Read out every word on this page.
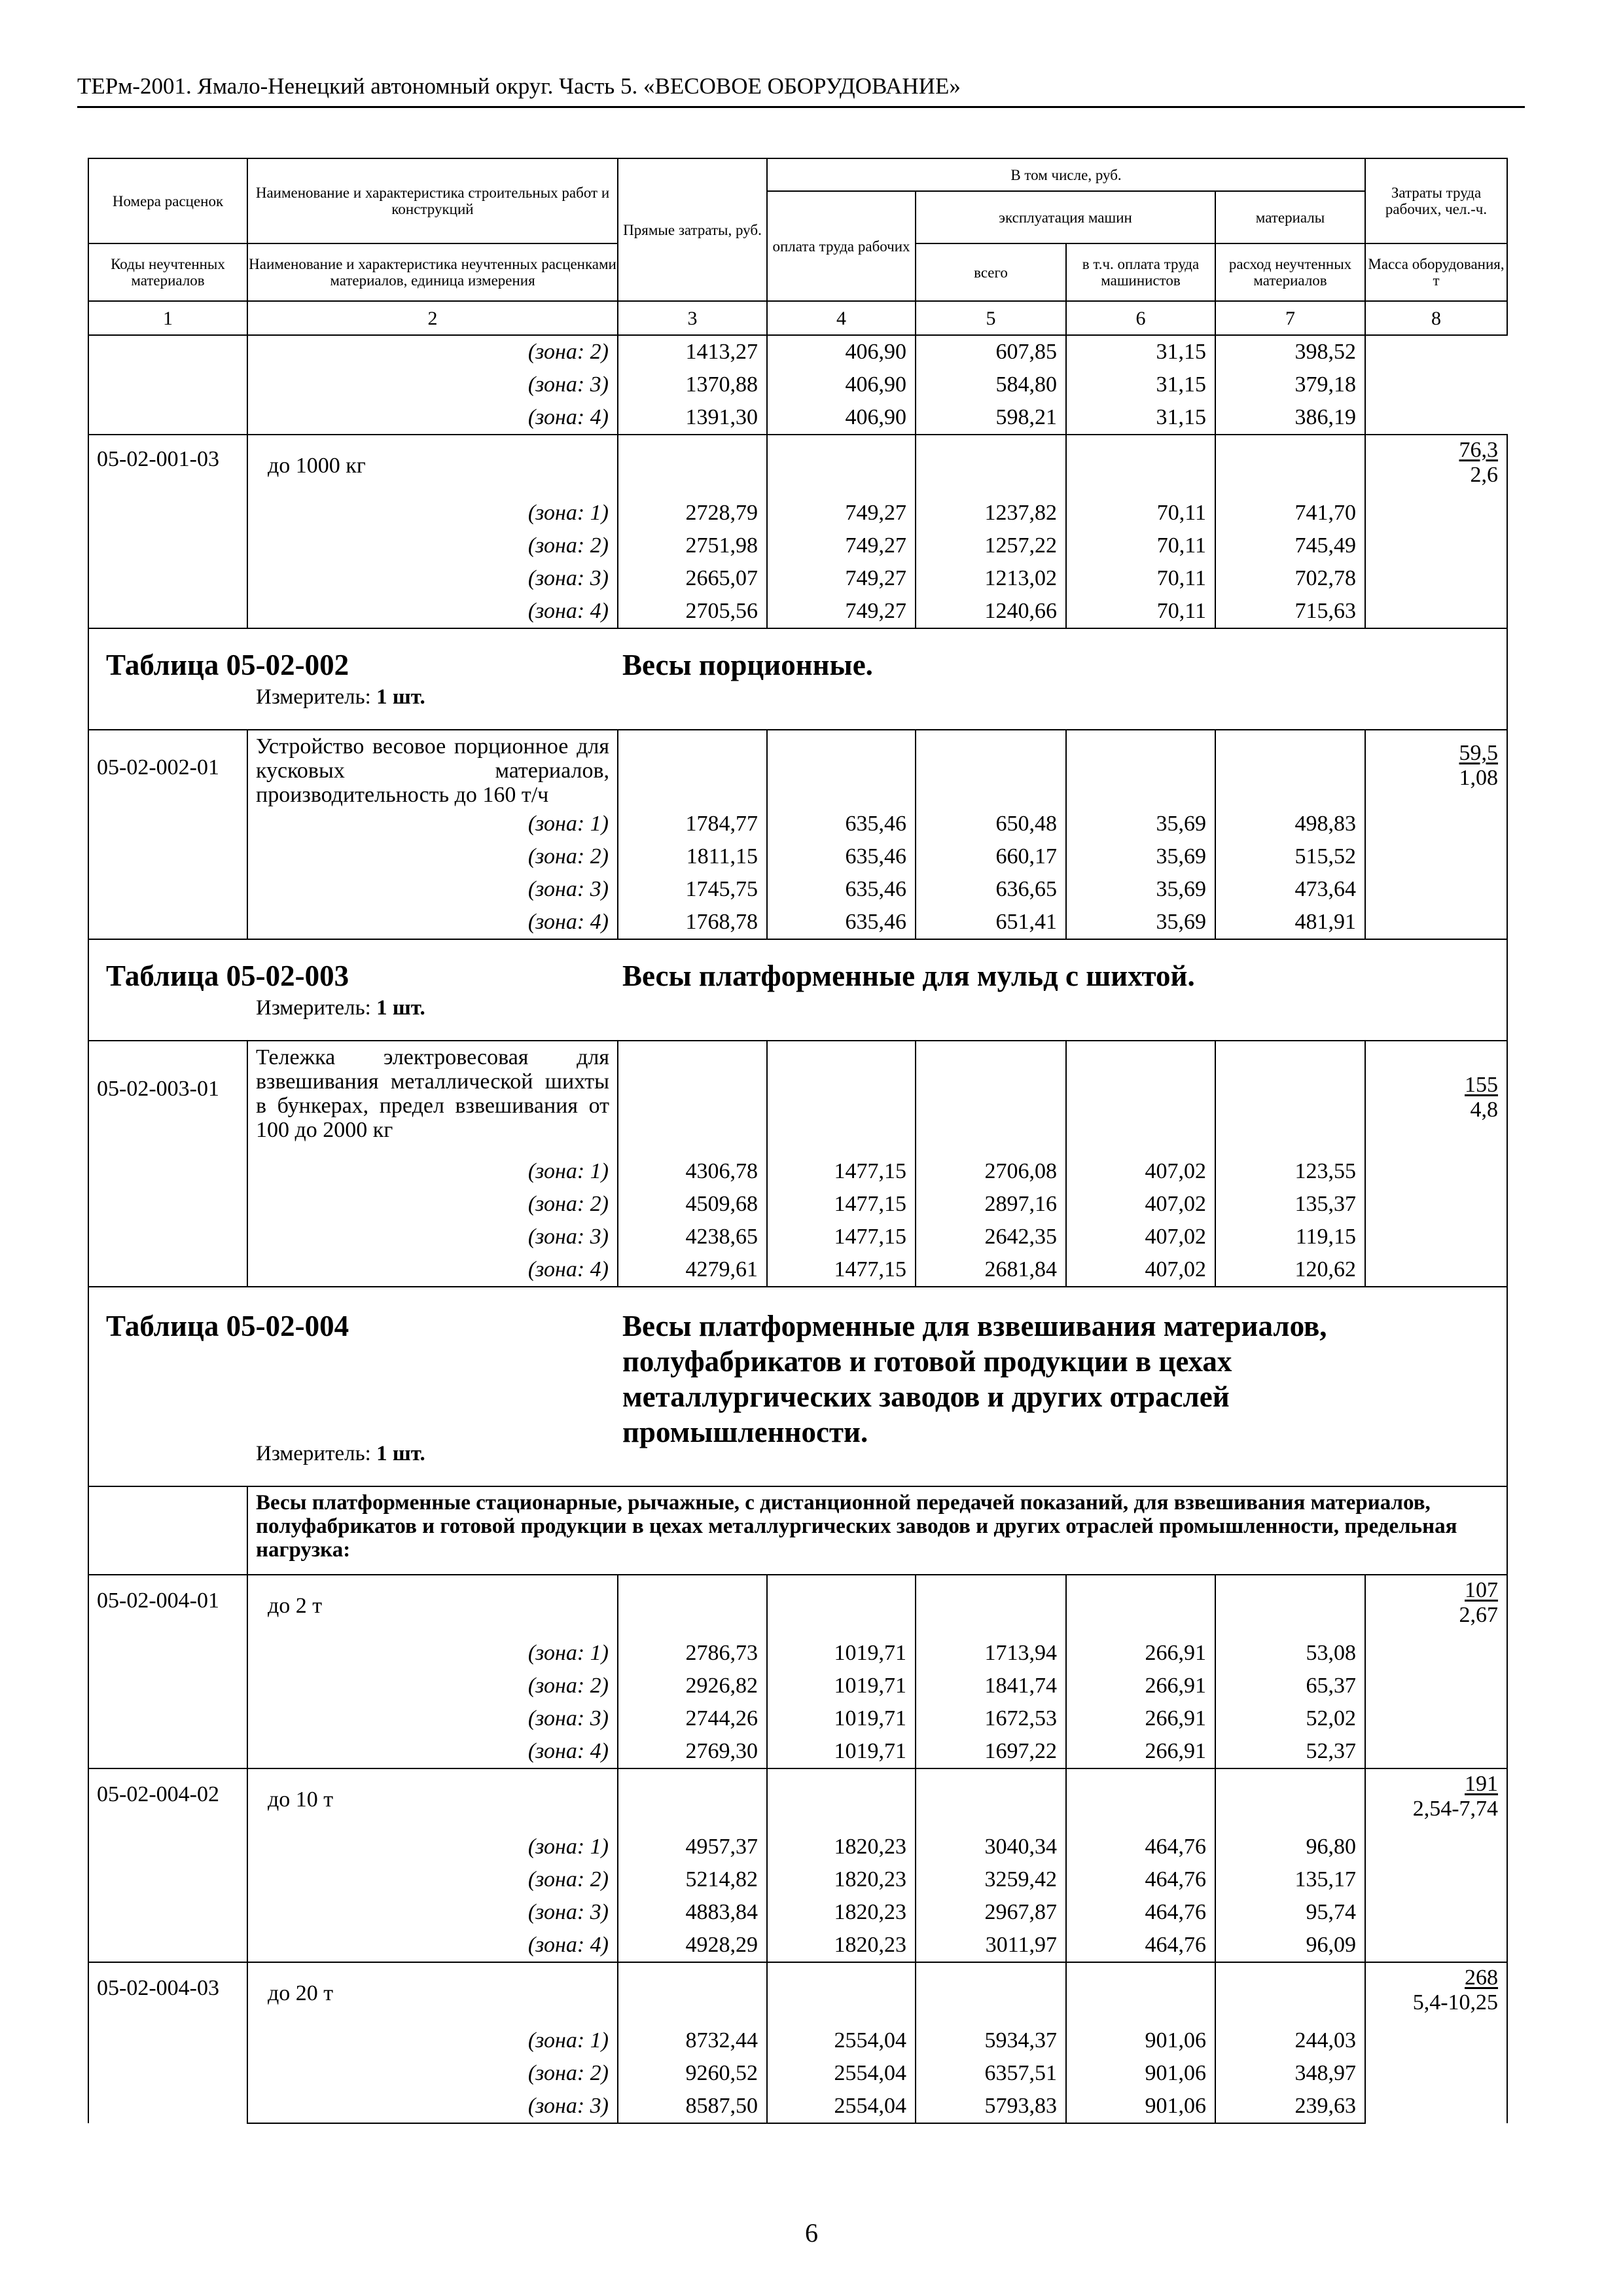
ТЕРм-2001. Ямало-Ненецкий автономный округ. Часть 5. «ВЕСОВОЕ ОБОРУДОВАНИЕ»
Номера расценок	Наименование и характеристика строительных работ и конструкций	Прямые затраты, руб.	В том числе, руб.				Затраты труда рабочих, чел.-ч.
			оплата труда рабочих	эксплуатация машин		материалы	

Коды неучтенных материалов	Наименование и характеристика неучтенных расценками материалов, единица измерения			всего	в т.ч. оплата труда машинистов	расход неучтенных материалов	Масса оборудования, т

1	2	3	4	5	6	7	8
	(зона: 2)	1413,27	406,90	607,85	31,15	398,52	
	(зона: 3)	1370,88	406,90	584,80	31,15	379,18	
	(зона: 4)	1391,30	406,90	598,21	31,15	386,19	
05-02-001-03	до 1000 кг						$\frac{76,3}{2,6}$

	(зона: 1)	2728,79	749,27	1237,82	70,11	741,70	
	(зона: 2)	2751,98	749,27	1257,22	70,11	745,49	
	(зона: 3)	2665,07	749,27	1213,02	70,11	702,78	
	(зона: 4)	2705,56	749,27	1240,66	70,11	715,63	

Таблица 05-02-002 Весы порционные.
Измеритель: 1 шт.							

05-02-002-01	Устройство весовое порционное для кусковых материалов, производительность до 160 т/ч						$\frac{59,5}{1,08}$

	(зона: 1)	1784,77	635,46	650,48	35,69	498,83	
	(зона: 2)	1811,15	635,46	660,17	35,69	515,52	
	(зона: 3)	1745,75	635,46	636,65	35,69	473,64	
	(зона: 4)	1768,78	635,46	651,41	35,69	481,91	

Таблица 05-02-003 Весы платформенные для мульд с шихтой.
Измеритель: 1 шт.							

05-02-003-01	Тележка электровесовая для взвешивания металлической шихты в бункерах, предел взвешивания от 100 до 2000 кг						$\frac{155}{4,8}$

	(зона: 1)	4306,78	1477,15	2706,08	407,02	123,55	
	(зона: 2)	4509,68	1477,15	2897,16	407,02	135,37	
	(зона: 3)	4238,65	1477,15	2642,35	407,02	119,15	
	(зона: 4)	4279,61	1477,15	2681,84	407,02	120,62	

Таблица 05-02-004 Весы платформенные для взвешивания материалов, полуфабрикатов и готовой продукции в цехах металлургических заводов и других отраслей промышленности.
Измеритель: 1 шт.							

	Весы платформенные стационарные, рычажные, с дистанционной передачей показаний, для взвешивания материалов, полуфабрикатов и готовой продукции в цехах металлургических заводов и других отраслей промышленности, предельная нагрузка:						
05-02-004-01	до 2 т						$\frac{107}{2,67}$

	(зона: 1)	2786,73	1019,71	1713,94	266,91	53,08	
	(зона: 2)	2926,82	1019,71	1841,74	266,91	65,37	
	(зона: 3)	2744,26	1019,71	1672,53	266,91	52,02	
	(зона: 4)	2769,30	1019,71	1697,22	266,91	52,37	
05-02-004-02	до 10 т						$\frac{191}{2,54-7,74}$

	(зона: 1)	4957,37	1820,23	3040,34	464,76	96,80	
	(зона: 2)	5214,82	1820,23	3259,42	464,76	135,17	
	(зона: 3)	4883,84	1820,23	2967,87	464,76	95,74	
	(зона: 4)	4928,29	1820,23	3011,97	464,76	96,09	
05-02-004-03	до 20 т						$\frac{268}{5,4-10,25}$

	(зона: 1)	8732,44	2554,04	5934,37	901,06	244,03	
	(зона: 2)	9260,52	2554,04	6357,51	901,06	348,97	
	(зона: 3)	8587,50	2554,04	5793,83	901,06	239,63	
6
